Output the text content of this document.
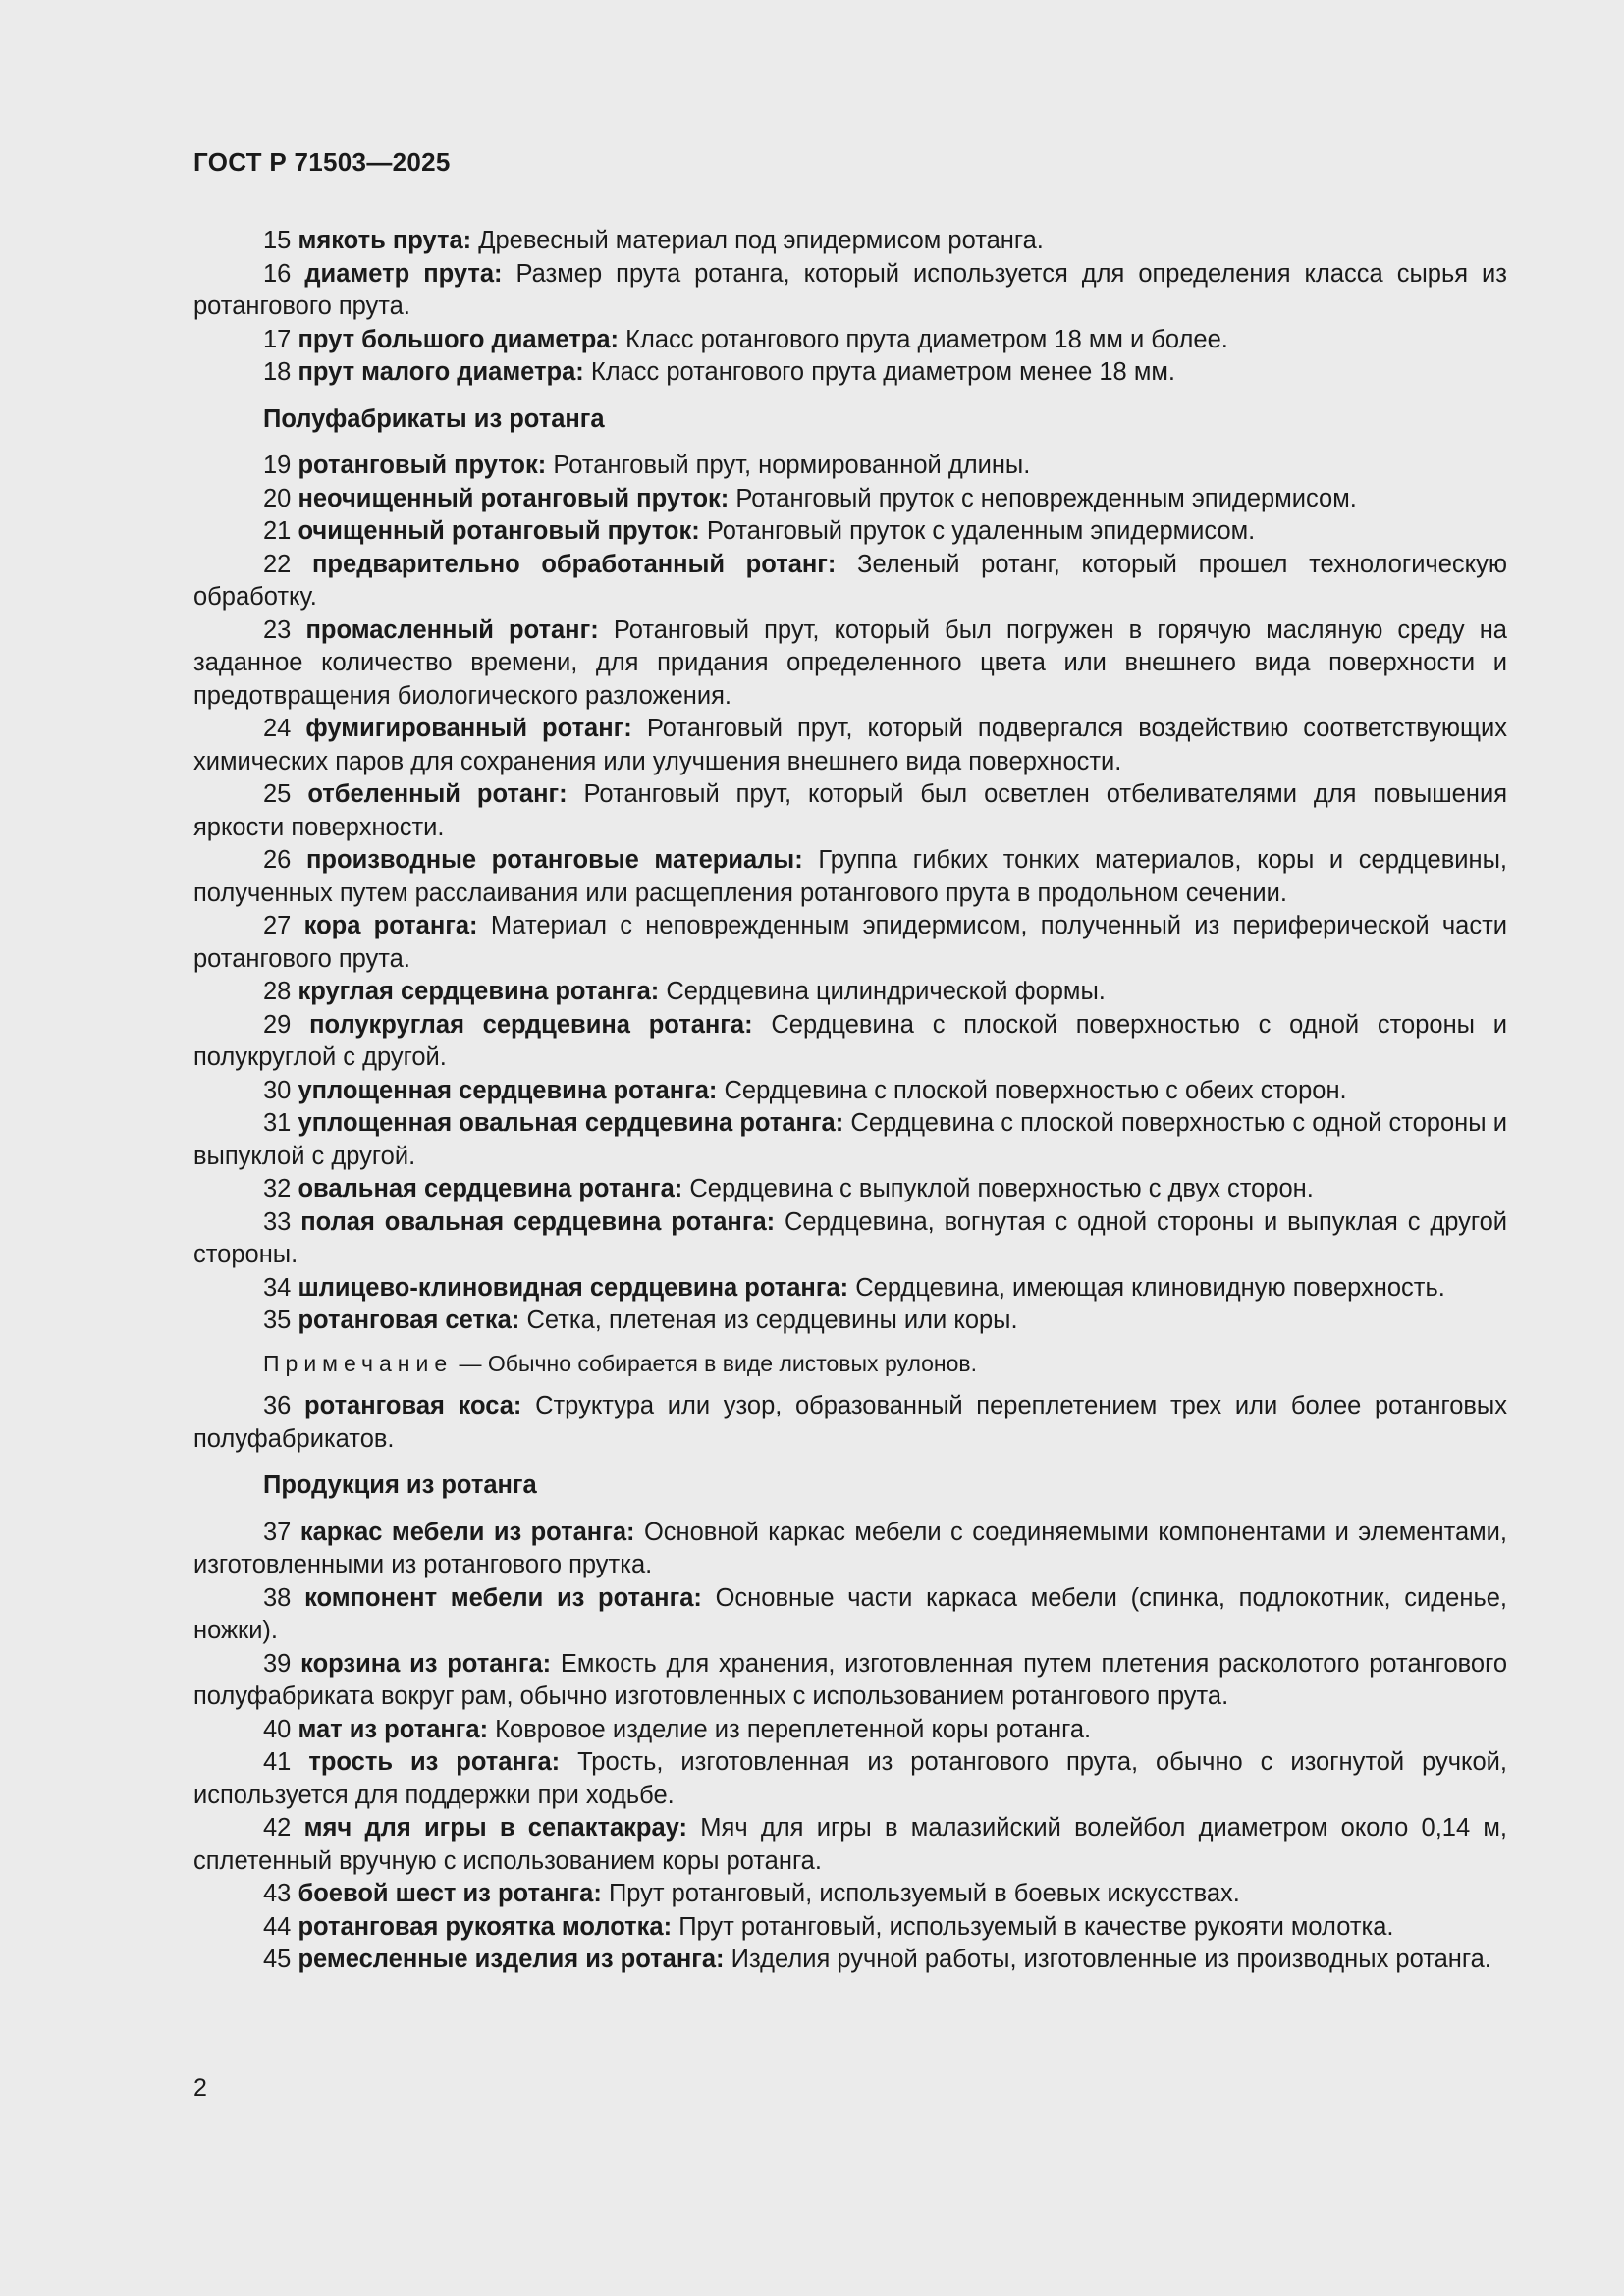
ГОСТ Р 71503—2025

15 мякоть прута: Древесный материал под эпидермисом ротанга.

16 диаметр прута: Размер прута ротанга, который используется для определения класса сырья из ротангового прута.

17 прут большого диаметра: Класс ротангового прута диаметром 18 мм и более.

18 прут малого диаметра: Класс ротангового прута диаметром менее 18 мм.

Полуфабрикаты из ротанга

19 ротанговый пруток: Ротанговый прут, нормированной длины.

20 неочищенный ротанговый пруток: Ротанговый пруток с неповрежденным эпидермисом.

21 очищенный ротанговый пруток: Ротанговый пруток с удаленным эпидермисом.

22 предварительно обработанный ротанг: Зеленый ротанг, который прошел технологическую обработку.

23 промасленный ротанг: Ротанговый прут, который был погружен в горячую масляную среду на заданное количество времени, для придания определенного цвета или внешнего вида поверхности и предотвращения биологического разложения.

24 фумигированный ротанг: Ротанговый прут, который подвергался воздействию соответствующих химических паров для сохранения или улучшения внешнего вида поверхности.

25 отбеленный ротанг: Ротанговый прут, который был осветлен отбеливателями для повышения яркости поверхности.

26 производные ротанговые материалы: Группа гибких тонких материалов, коры и сердцевины, полученных путем расслаивания или расщепления ротангового прута в продольном сечении.

27 кора ротанга: Материал с неповрежденным эпидермисом, полученный из периферической части ротангового прута.

28 круглая сердцевина ротанга: Сердцевина цилиндрической формы.

29 полукруглая сердцевина ротанга: Сердцевина с плоской поверхностью с одной стороны и полукруглой с другой.

30 уплощенная сердцевина ротанга: Сердцевина с плоской поверхностью с обеих сторон.

31 уплощенная овальная сердцевина ротанга: Сердцевина с плоской поверхностью с одной стороны и выпуклой с другой.

32 овальная сердцевина ротанга: Сердцевина с выпуклой поверхностью с двух сторон.

33 полая овальная сердцевина ротанга: Сердцевина, вогнутая с одной стороны и выпуклая с другой стороны.

34 шлицево-клиновидная сердцевина ротанга: Сердцевина, имеющая клиновидную поверхность.

35 ротанговая сетка: Сетка, плетеная из сердцевины или коры.

Примечание — Обычно собирается в виде листовых рулонов.

36 ротанговая коса: Структура или узор, образованный переплетением трех или более ротанговых полуфабрикатов.

Продукция из ротанга

37 каркас мебели из ротанга: Основной каркас мебели с соединяемыми компонентами и элементами, изготовленными из ротангового прутка.

38 компонент мебели из ротанга: Основные части каркаса мебели (спинка, подлокотник, сиденье, ножки).

39 корзина из ротанга: Емкость для хранения, изготовленная путем плетения расколотого ротангового полуфабриката вокруг рам, обычно изготовленных с использованием ротангового прута.

40 мат из ротанга: Ковровое изделие из переплетенной коры ротанга.

41 трость из ротанга: Трость, изготовленная из ротангового прута, обычно с изогнутой ручкой, используется для поддержки при ходьбе.

42 мяч для игры в сепактакрау: Мяч для игры в малазийский волейбол диаметром около 0,14 м, сплетенный вручную с использованием коры ротанга.

43 боевой шест из ротанга: Прут ротанговый, используемый в боевых искусствах.

44 ротанговая рукоятка молотка: Прут ротанговый, используемый в качестве рукояти молотка.

45 ремесленные изделия из ротанга: Изделия ручной работы, изготовленные из производных ротанга.

2
